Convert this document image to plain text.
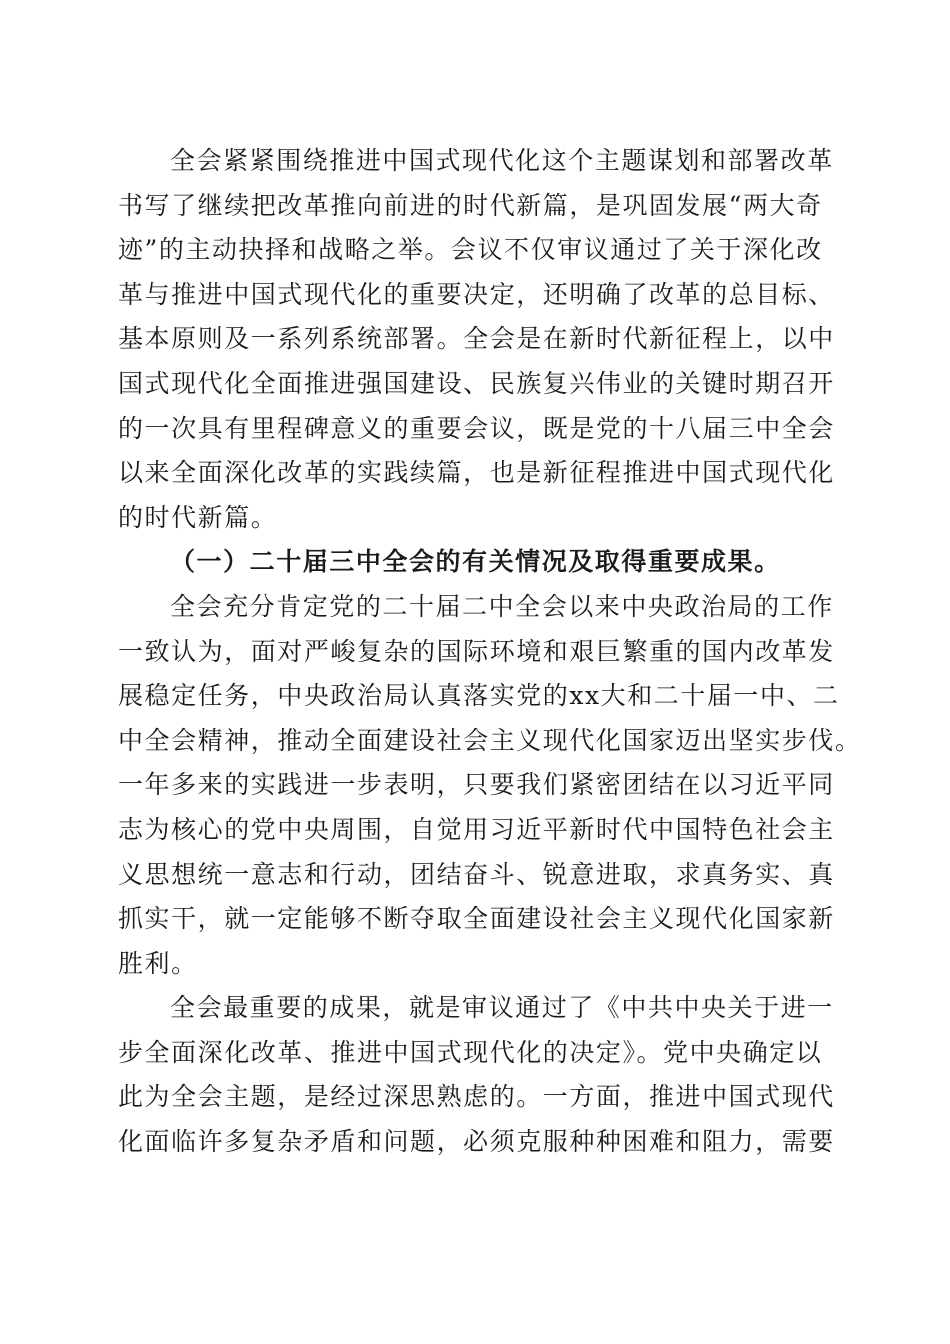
全会紧紧围绕推进中国式现代化这个主题谋划和部署改革
书写了继续把改革推向前进的时代新篇，是巩固发展“两大奇
迹”的主动抉择和战略之举。会议不仅审议通过了关于深化改
革与推进中国式现代化的重要决定，还明确了改革的总目标、
基本原则及一系列系统部署。全会是在新时代新征程上，以中
国式现代化全面推进强国建设、民族复兴伟业的关键时期召开
的一次具有里程碑意义的重要会议，既是党的十八届三中全会
以来全面深化改革的实践续篇，也是新征程推进中国式现代化
的时代新篇。
（一）二十届三中全会的有关情况及取得重要成果。
全会充分肯定党的二十届二中全会以来中央政治局的工作
一致认为，面对严峻复杂的国际环境和艰巨繁重的国内改革发
展稳定任务，中央政治局认真落实党的xx大和二十届一中、二
中全会精神，推动全面建设社会主义现代化国家迈出坚实步伐。
一年多来的实践进一步表明，只要我们紧密团结在以习近平同
志为核心的党中央周围，自觉用习近平新时代中国特色社会主
义思想统一意志和行动，团结奋斗、锐意进取，求真务实、真
抓实干，就一定能够不断夺取全面建设社会主义现代化国家新
胜利。
全会最重要的成果，就是审议通过了《中共中央关于进一
步全面深化改革、推进中国式现代化的决定》。党中央确定以
此为全会主题，是经过深思熟虑的。一方面，推进中国式现代
化面临许多复杂矛盾和问题，必须克服种种困难和阻力，需要
